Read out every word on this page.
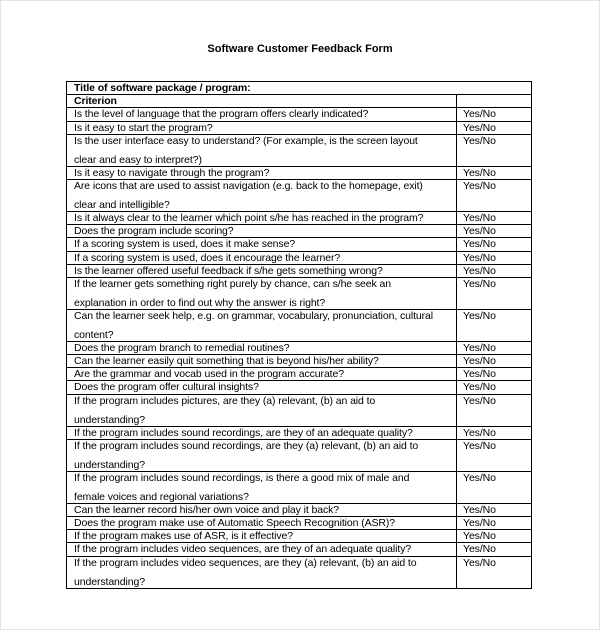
Software Customer Feedback Form
Title of software package / program:	
Criterion	
Is the level of language that the program offers clearly indicated?	Yes/No
Is it easy to start the program?	Yes/No
Is the user interface easy to understand? (For example, is the screen layout
clear and easy to interpret?)	Yes/No
Is it easy to navigate through the program?	Yes/No
Are icons that are used to assist navigation (e.g. back to the homepage, exit)
clear and intelligible?	Yes/No
Is it always clear to the learner which point s/he has reached in the program?	Yes/No
Does the program include scoring?	Yes/No
If a scoring system is used, does it make sense?	Yes/No
If a scoring system is used, does it encourage the learner?	Yes/No
Is the learner offered useful feedback if s/he gets something wrong?	Yes/No
If the learner gets something right purely by chance, can s/he seek an
explanation in order to find out why the answer is right?	Yes/No
Can the learner seek help, e.g. on grammar, vocabulary, pronunciation, cultural
content?	Yes/No
Does the program branch to remedial routines?	Yes/No
Can the learner easily quit something that is beyond his/her ability?	Yes/No
Are the grammar and vocab used in the program accurate?	Yes/No
Does the program offer cultural insights?	Yes/No
If the program includes pictures, are they (a) relevant, (b) an aid to
understanding?	Yes/No
If the program includes sound recordings, are they of an adequate quality?	Yes/No
If the program includes sound recordings, are they (a) relevant, (b) an aid to
understanding?	Yes/No
If the program includes sound recordings, is there a good mix of male and
female voices and regional variations?	Yes/No
Can the learner record his/her own voice and play it back?	Yes/No
Does the program make use of Automatic Speech Recognition (ASR)?	Yes/No
If the program makes use of ASR, is it effective?	Yes/No
If the program includes video sequences, are they of an adequate quality?	Yes/No
If the program includes video sequences, are they (a) relevant, (b) an aid to
understanding?	Yes/No
